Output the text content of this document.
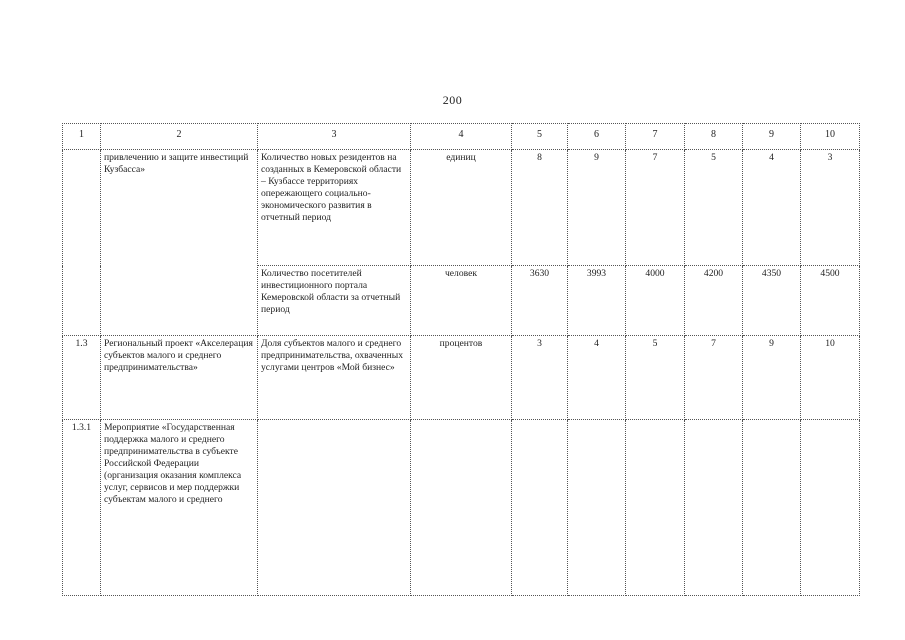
200
1	2	3	4	5	6	7	8	9	10
	привлечению и защите инвестиций Кузбасса»	Количество новых резидентов на созданных в Кемеровской области – Кузбассе территориях опережающего социально-экономического развития в отчетный период	единиц	8	9	7	5	4	3
		Количество посетителей инвестиционного портала Кемеровской области за отчетный период	человек	3630	3993	4000	4200	4350	4500
1.3	Региональный проект «Акселерация субъектов малого и среднего предпринимательства»	Доля субъектов малого и среднего предпринимательства, охваченных услугами центров «Мой бизнес»	процентов	3	4	5	7	9	10
1.3.1	Мероприятие «Государственная поддержка малого и среднего предпринимательства в субъекте Российской Федерации (организация оказания комплекса услуг, сервисов и мер поддержки субъектам малого и среднего								
